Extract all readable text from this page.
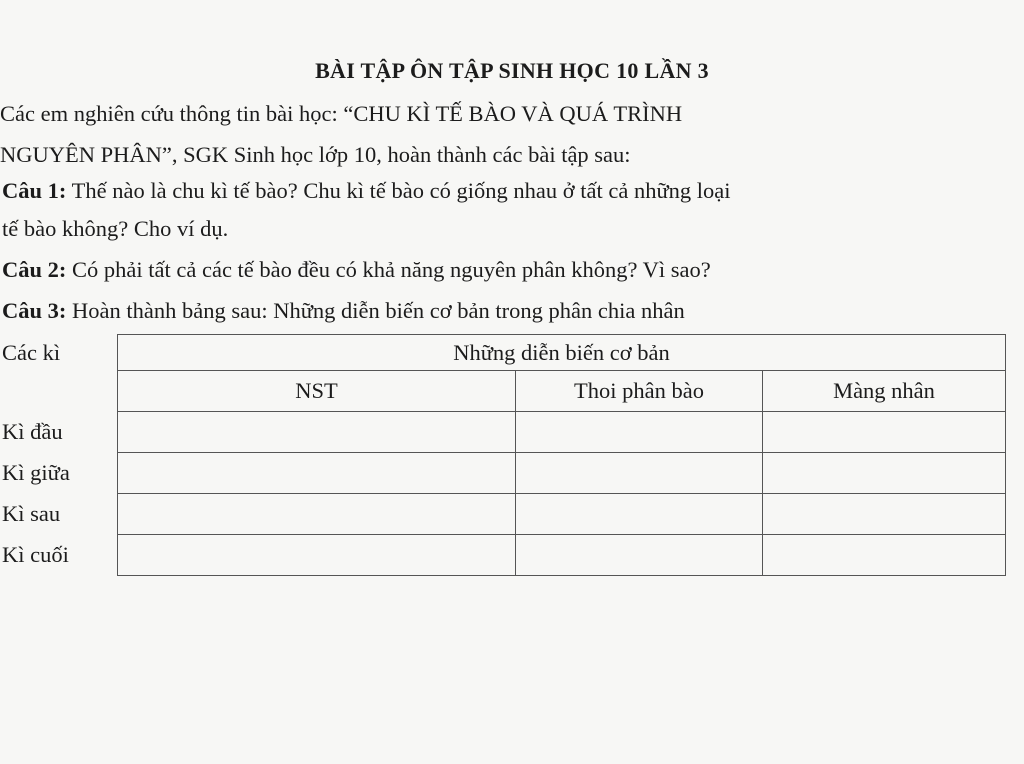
BÀI TẬP ÔN TẬP SINH HỌC 10 LẦN 3

Các em nghiên cứu thông tin bài học: “CHU KÌ TẾ BÀO VÀ QUÁ TRÌNH

NGUYÊN PHÂN”, SGK Sinh học lớp 10, hoàn thành các bài tập sau:

Câu 1: Thế nào là chu kì tế bào? Chu kì tế bào có giống nhau ở tất cả những loại

tế bào không? Cho ví dụ.

Câu 2: Có phải tất cả các tế bào đều có khả năng nguyên phân không? Vì sao?

Câu 3: Hoàn thành bảng sau: Những diễn biến cơ bản trong phân chia nhân

Các kì	Những diễn biến cơ bản		
	NST	Thoi phân bào	Màng nhân
Kì đầu			
Kì giữa			
Kì sau			
Kì cuối			
